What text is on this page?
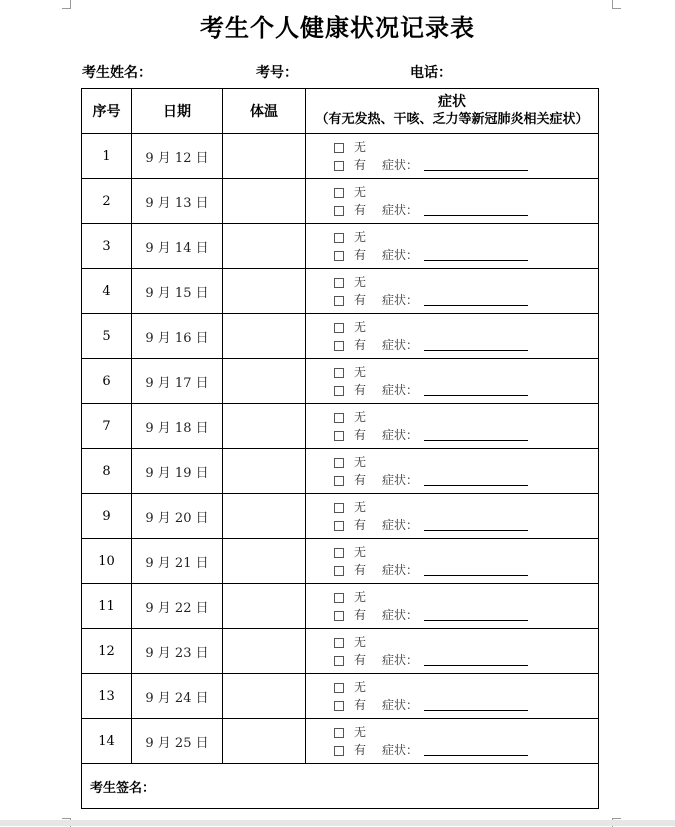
考生个人健康状况记录表
考生姓名：	考号：	电话：
序号	日期	体温	症状
（有无发热、干咳、乏力等新冠肺炎相关症状）

1	9 月 12 日		无
有 症状：

2	9 月 13 日		无
有 症状：

3	9 月 14 日		无
有 症状：

4	9 月 15 日		无
有 症状：

5	9 月 16 日		无
有 症状：

6	9 月 17 日		无
有 症状：

7	9 月 18 日		无
有 症状：

8	9 月 19 日		无
有 症状：

9	9 月 20 日		无
有 症状：

10	9 月 21 日		无
有 症状：

11	9 月 22 日		无
有 症状：

12	9 月 23 日		无
有 症状：

13	9 月 24 日		无
有 症状：

14	9 月 25 日		无
有 症状：

考生签名：			
